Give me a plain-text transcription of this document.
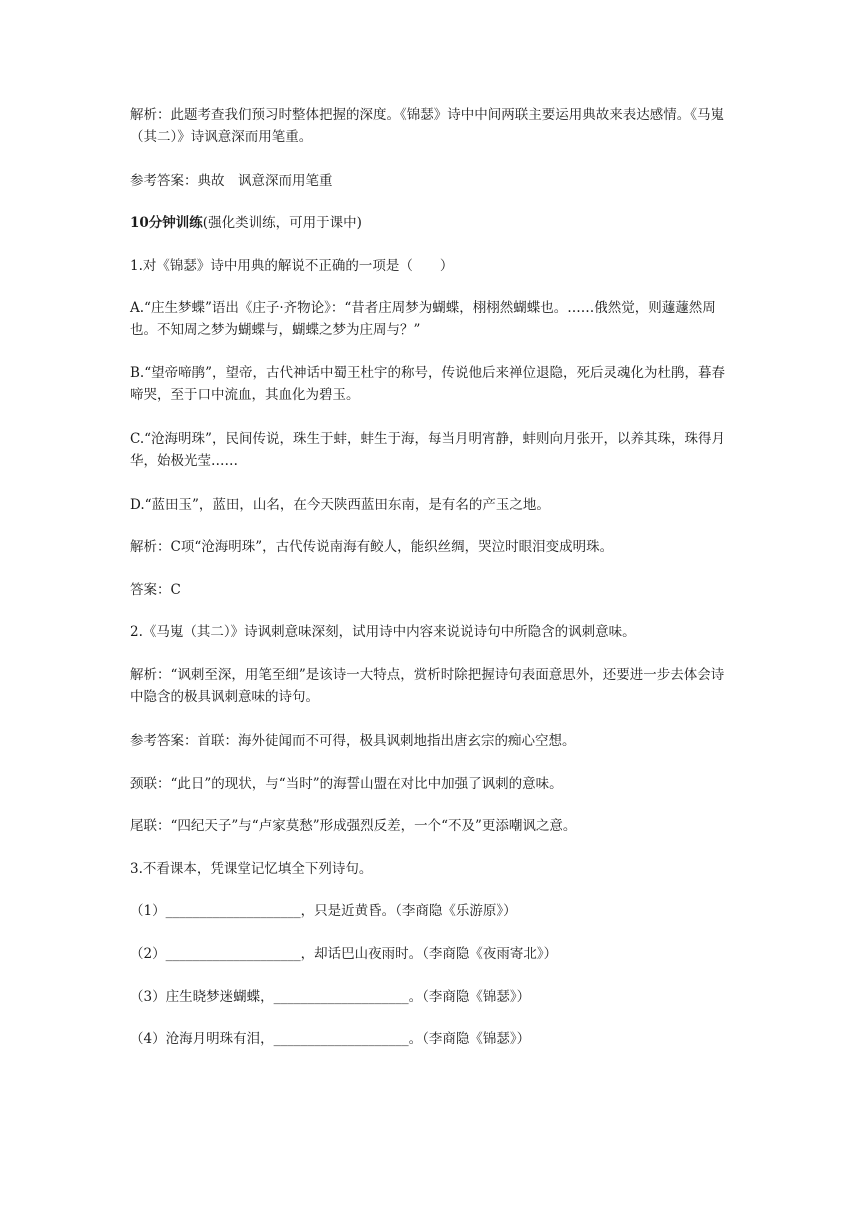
解析：此题考查我们预习时整体把握的深度。《锦瑟》诗中中间两联主要运用典故来表达感情。《马嵬（其二）》诗讽意深而用笔重。

参考答案：典故　讽意深而用笔重

10分钟训练(强化类训练，可用于课中)

1.对《锦瑟》诗中用典的解说不正确的一项是（　　）

A.“庄生梦蝶”语出《庄子·齐物论》：“昔者庄周梦为蝴蝶，栩栩然蝴蝶也。……俄然觉，则蘧蘧然周也。不知周之梦为蝴蝶与，蝴蝶之梦为庄周与？”

B.“望帝啼鹃”，望帝，古代神话中蜀王杜宇的称号，传说他后来禅位退隐，死后灵魂化为杜鹃，暮春啼哭，至于口中流血，其血化为碧玉。

C.“沧海明珠”，民间传说，珠生于蚌，蚌生于海，每当月明宵静，蚌则向月张开，以养其珠，珠得月华，始极光莹……

D.“蓝田玉”，蓝田，山名，在今天陕西蓝田东南，是有名的产玉之地。

解析：C项“沧海明珠”，古代传说南海有鲛人，能织丝绸，哭泣时眼泪变成明珠。

答案：C

2.《马嵬（其二）》诗讽刺意味深刻，试用诗中内容来说说诗句中所隐含的讽刺意味。

解析：“讽刺至深，用笔至细”是该诗一大特点，赏析时除把握诗句表面意思外，还要进一步去体会诗中隐含的极具讽刺意味的诗句。

参考答案：首联：海外徒闻而不可得，极具讽刺地指出唐玄宗的痴心空想。

颈联：“此日”的现状，与“当时”的海誓山盟在对比中加强了讽刺的意味。

尾联：“四纪天子”与“卢家莫愁”形成强烈反差，一个“不及”更添嘲讽之意。

3.不看课本，凭课堂记忆填全下列诗句。

（1）____________________，只是近黄昏。（李商隐《乐游原》）

（2）____________________，却话巴山夜雨时。（李商隐《夜雨寄北》）

（3）庄生晓梦迷蝴蝶，____________________。（李商隐《锦瑟》）

（4）沧海月明珠有泪，____________________。（李商隐《锦瑟》）
